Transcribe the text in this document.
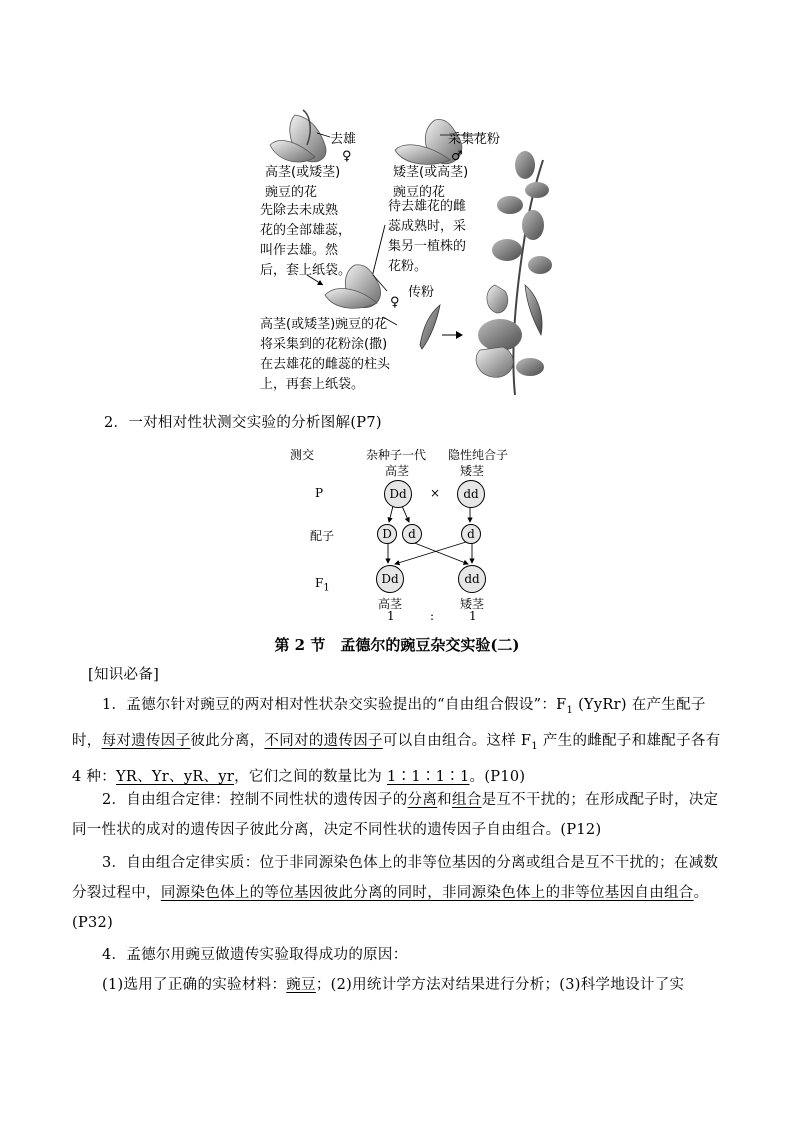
去雄
♀
高茎(或矮茎)
豌豆的花
先除去未成熟
花的全部雄蕊，
叫作去雄。然
后，套上纸袋。
采集花粉
♂
矮茎(或高茎)
豌豆的花
待去雄花的雌
蕊成熟时，采
集另一植株的
花粉。
传粉
♀
高茎(或矮茎)豌豆的花
将采集到的花粉涂(撒)
在去雄花的雌蕊的柱头
上，再套上纸袋。
2．一对相对性状测交实验的分析图解(P7)
测交	杂种子一代 隐性纯合子
高茎	矮茎
P	Dd	×	dd
配子	D	d	d
$F_1$
Dd	dd
高茎	矮茎
1	:	1
第 2 节　孟德尔的豌豆杂交实验(二)
[知识必备]
1．孟德尔针对豌豆的两对相对性状杂交实验提出的“自由组合假设”：$F_1$ (YyRr) 在产生配子时，每对遗传因子彼此分离，不同对的遗传因子可以自由组合。这样 $F_1$ 产生的雌配子和雄配子各有 4 种：YR、Yr、yR、yr，它们之间的数量比为 1∶1∶1∶1。(P10)
2．自由组合定律：控制不同性状的遗传因子的分离和组合是互不干扰的；在形成配子时，决定同一性状的成对的遗传因子彼此分离，决定不同性状的遗传因子自由组合。(P12)
3．自由组合定律实质：位于非同源染色体上的非等位基因的分离或组合是互不干扰的；在减数分裂过程中，同源染色体上的等位基因彼此分离的同时，非同源染色体上的非等位基因自由组合。(P32)
4．孟德尔用豌豆做遗传实验取得成功的原因：
(1)选用了正确的实验材料：豌豆；(2)用统计学方法对结果进行分析；(3)科学地设计了实
